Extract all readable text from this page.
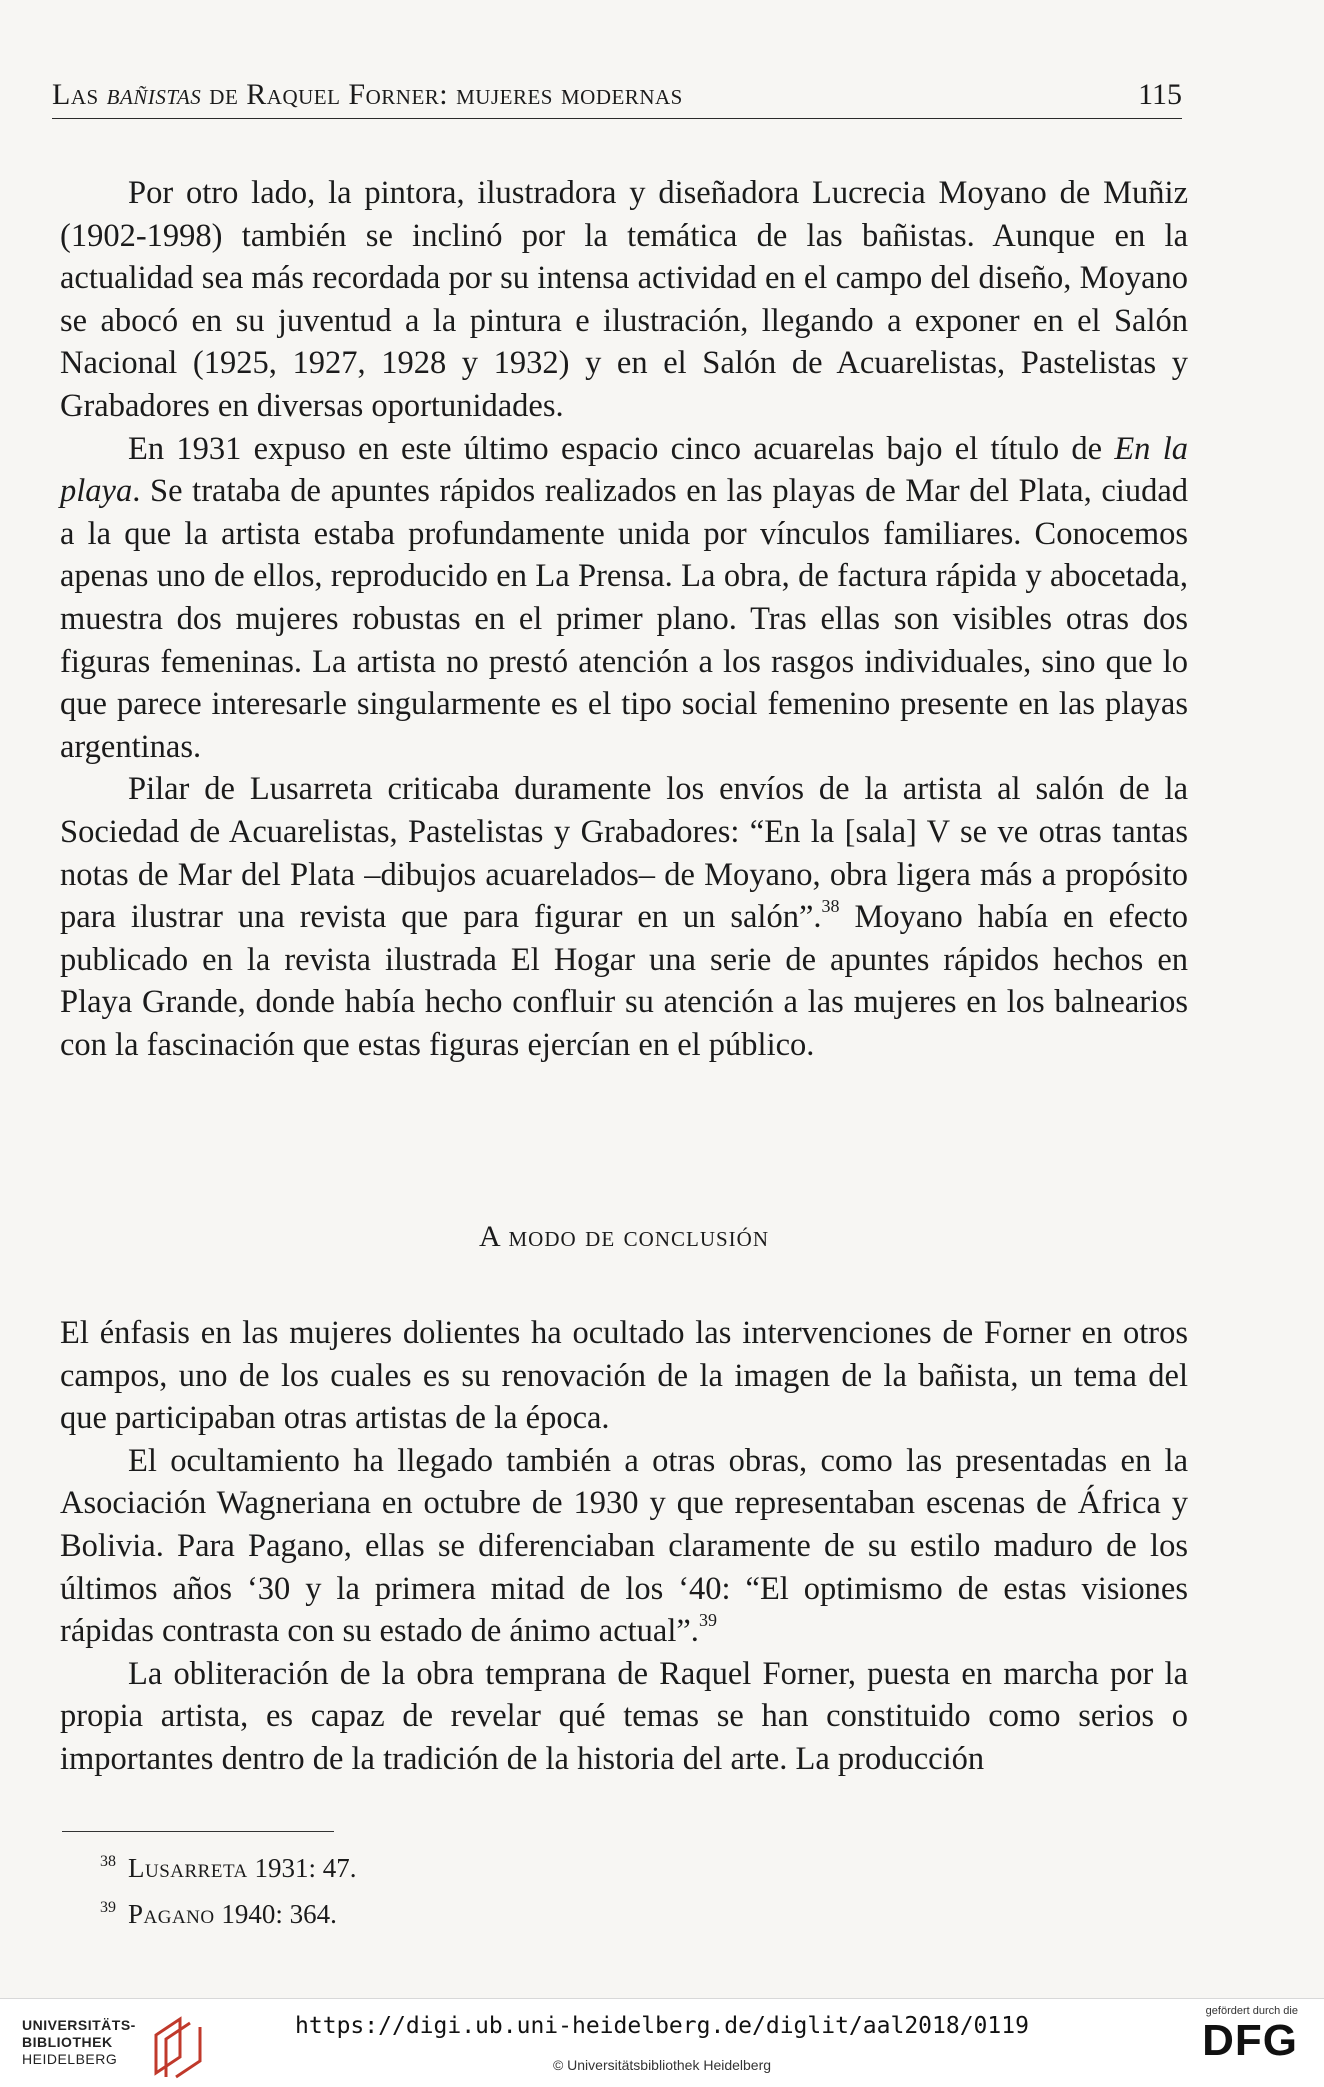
Las bañistas de Raquel Forner: mujeres modernas	115

Por otro lado, la pintora, ilustradora y diseñadora Lucrecia Moyano de Muñiz (1902-1998) también se inclinó por la temática de las bañistas. Aunque en la actualidad sea más recordada por su intensa actividad en el campo del diseño, Moyano se abocó en su juventud a la pintura e ilustración, llegando a exponer en el Salón Nacional (1925, 1927, 1928 y 1932) y en el Salón de Acuarelistas, Pastelistas y Grabadores en diversas oportunidades.

En 1931 expuso en este último espacio cinco acuarelas bajo el título de En la playa. Se trataba de apuntes rápidos realizados en las playas de Mar del Plata, ciudad a la que la artista estaba profundamente unida por vínculos familiares. Conocemos apenas uno de ellos, reproducido en La Prensa. La obra, de factura rápida y abocetada, muestra dos mujeres robustas en el primer plano. Tras ellas son visibles otras dos figuras femeninas. La artista no prestó atención a los rasgos individuales, sino que lo que parece interesarle singularmente es el tipo social femenino presente en las playas argentinas.

Pilar de Lusarreta criticaba duramente los envíos de la artista al salón de la Sociedad de Acuarelistas, Pastelistas y Grabadores: “En la [sala] V se ve otras tantas notas de Mar del Plata –dibujos acuarelados– de Moyano, obra ligera más a propósito para ilustrar una revista que para figurar en un salón”.$^{38}$ Moyano había en efecto publicado en la revista ilustrada El Hogar una serie de apuntes rápidos hechos en Playa Grande, donde había hecho confluir su atención a las mujeres en los balnearios con la fascinación que estas figuras ejercían en el público.

A modo de conclusión

El énfasis en las mujeres dolientes ha ocultado las intervenciones de Forner en otros campos, uno de los cuales es su renovación de la imagen de la bañista, un tema del que participaban otras artistas de la época.

El ocultamiento ha llegado también a otras obras, como las presentadas en la Asociación Wagneriana en octubre de 1930 y que representaban escenas de África y Bolivia. Para Pagano, ellas se diferenciaban claramente de su estilo maduro de los últimos años ‘30 y la primera mitad de los ‘40: “El optimismo de estas visiones rápidas contrasta con su estado de ánimo actual”.$^{39}$

La obliteración de la obra temprana de Raquel Forner, puesta en marcha por la propia artista, es capaz de revelar qué temas se han constituido como serios o importantes dentro de la tradición de la historia del arte. La producción

$^{38}$ Lusarreta 1931: 47.
$^{39}$ Pagano 1940: 364.
UNIVERSITÄTS-
BIBLIOTHEK
HEIDELBERG
https://digi.ub.uni-heidelberg.de/diglit/aal2018/0119
© Universitätsbibliothek Heidelberg
gefördert durch die
DFG
